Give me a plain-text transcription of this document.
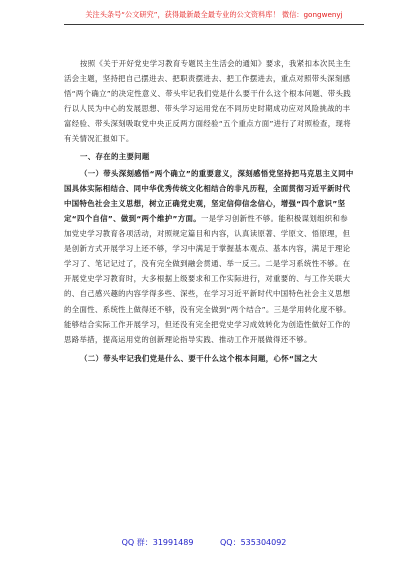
关注头条号“公文研究”，获得最新最全最专业的公文资料库！ 微信：gongwenyj

按照《关于开好党史学习教育专题民主生活会的通知》要求，我紧扣本次民主生活会主题，坚持把自己摆进去、把职责摆进去、把工作摆进去，重点对照带头深刻感悟“两个确立”的决定性意义、带头牢记我们党是什么要干什么这个根本问题、带头践行以人民为中心的发展思想、带头学习运用党在不同历史时期成功应对风险挑战的丰富经验、带头深刻吸取党中央正反两方面经验“五个重点方面”进行了对照检查，现将有关情况汇报如下。

一、存在的主要问题

（一）带头深刻感悟“两个确立”的重要意义，深刻感悟党坚持把马克思主义同中国具体实际相结合、同中华优秀传统文化相结合的非凡历程，全面贯彻习近平新时代中国特色社会主义思想，树立正确党史观，坚定信仰信念信心，增强“四个意识”坚定“四个自信”、做到“两个维护”方面。一是学习创新性不够。能积极谋划组织和参加党史学习教育各项活动，对照规定篇目和内容，认真读原著、学原文、悟原理，但是创新方式开展学习上还不够，学习中满足于掌握基本观点、基本内容，满足于理论学习了、笔记记过了，没有完全做到融会贯通、举一反三。二是学习系统性不够。在开展党史学习教育时，大多根据上级要求和工作实际进行，对重要的、与工作关联大的、自己感兴趣的内容学得多些、深些，在学习习近平新时代中国特色社会主义思想的全面性、系统性上做得还不够，没有完全做到“两个结合”。三是学用转化度不够。能够结合实际工作开展学习，但还没有完全把党史学习成效转化为创造性做好工作的思路举措，提高运用党的创新理论指导实践、推动工作开展做得还不够。

（二）带头牢记我们党是什么、要干什么这个根本问题，心怀“国之大

QQ 群：31991489	QQ：535304092
